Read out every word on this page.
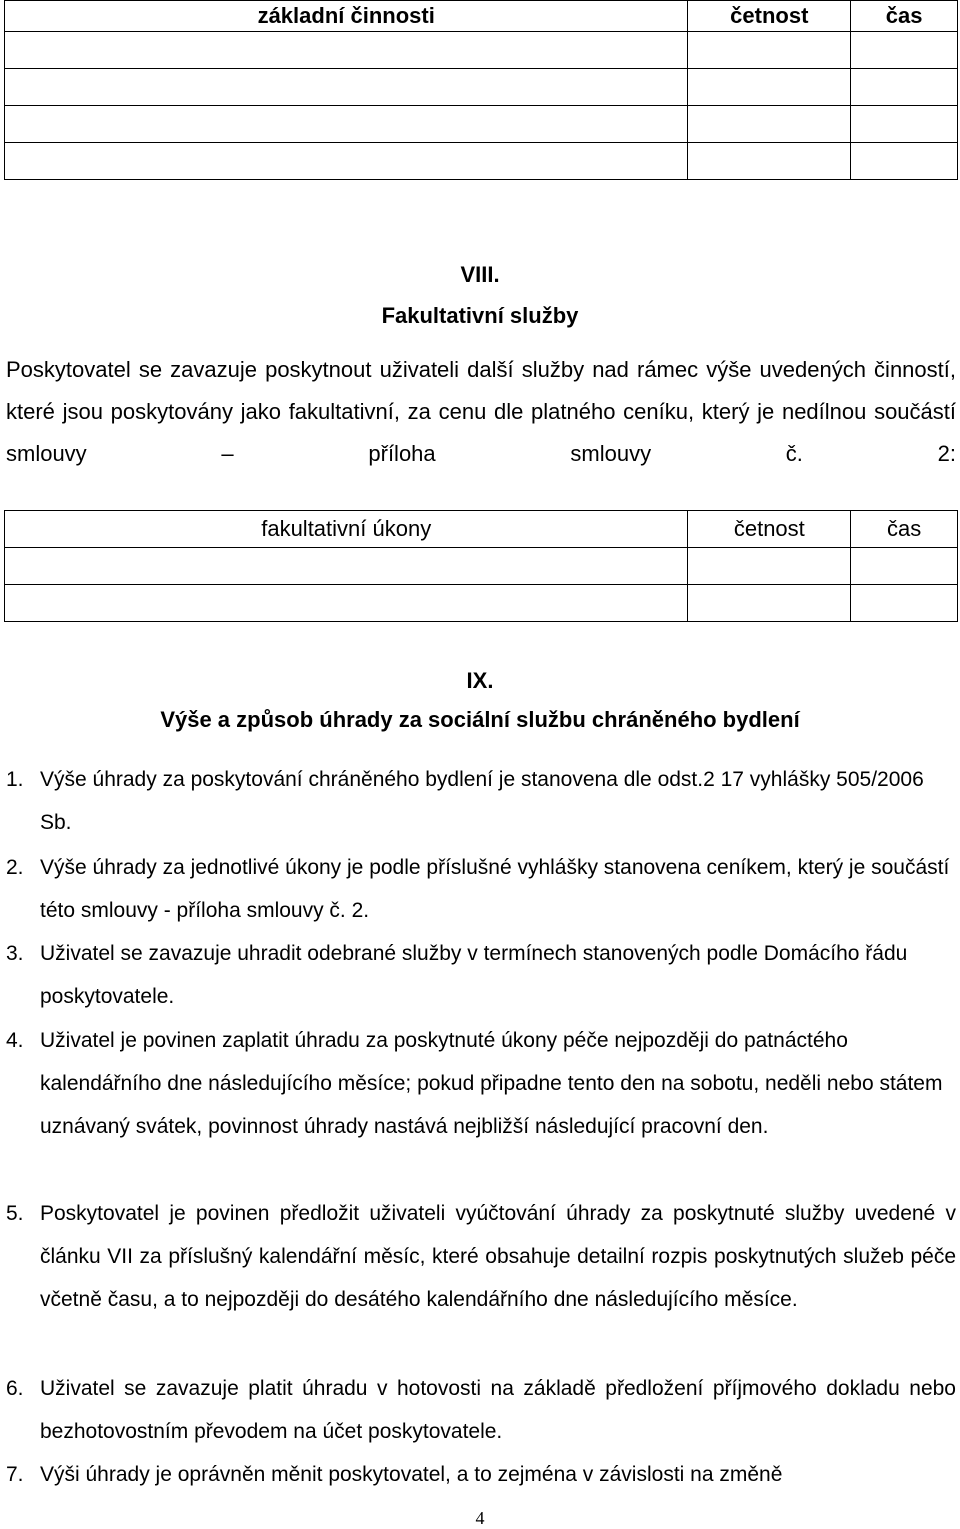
základní činnosti	četnost	čas

VIII.
Fakultativní služby
Poskytovatel se zavazuje poskytnout uživateli další služby nad rámec výše uvedených činností, které jsou poskytovány jako fakultativní, za cenu dle platného ceníku, který je nedílnou součástí smlouvy – příloha smlouvy č. 2:
fakultativní úkony	četnost	čas

IX.
Výše a způsob úhrady za sociální službu chráněného bydlení
1. Výše úhrady za poskytování chráněného bydlení je stanovena dle odst.2 17 vyhlášky 505/2006 Sb.
2. Výše úhrady za jednotlivé úkony je podle příslušné vyhlášky stanovena ceníkem, který je součástí této smlouvy - příloha smlouvy č. 2.
3. Uživatel se zavazuje uhradit odebrané služby v termínech stanovených podle Domácího řádu poskytovatele.
4. Uživatel je povinen zaplatit úhradu za poskytnuté úkony péče nejpozději do patnáctého kalendářního dne následujícího měsíce; pokud připadne tento den na sobotu, neděli nebo státem uznávaný svátek, povinnost úhrady nastává nejbližší následující pracovní den.
5. Poskytovatel je povinen předložit uživateli vyúčtování úhrady za poskytnuté služby uvedené v článku VII za příslušný kalendářní měsíc, které obsahuje detailní rozpis poskytnutých služeb péče včetně času, a to nejpozději do desátého kalendářního dne následujícího měsíce.
6. Uživatel se zavazuje platit úhradu v hotovosti na základě předložení příjmového dokladu nebo bezhotovostním převodem na účet poskytovatele.
7. Výši úhrady je oprávněn měnit poskytovatel, a to zejména v závislosti na změně
4
